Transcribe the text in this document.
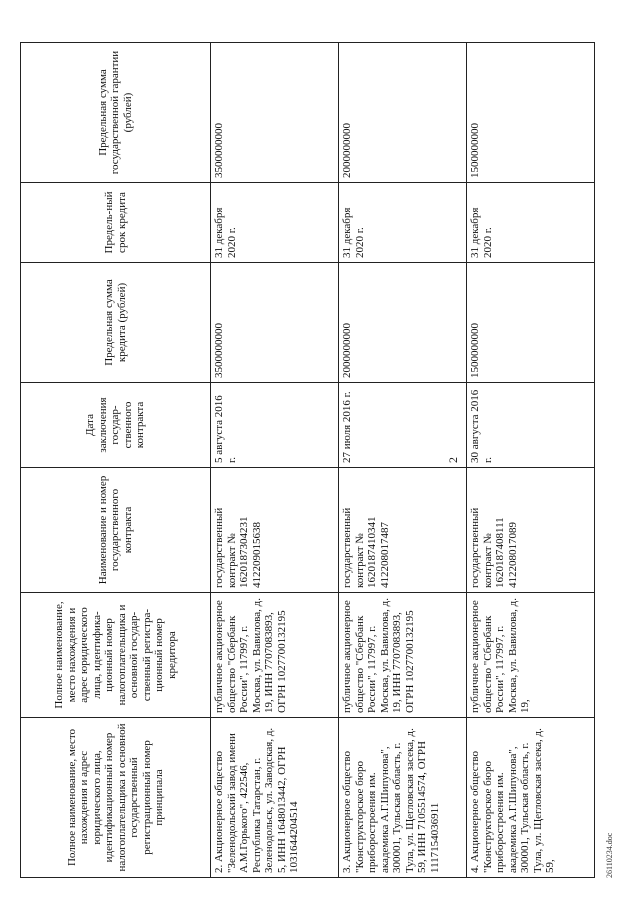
2
Полное наименование, место нахождения и адрес юридического лица, идентификационный номер налогоплательщика и основной государственный регистрационный номер принципала	Полное наименование, место нахождения и адрес юридического лица, идентифика-ционный номер налогоплательщика и основной государ-ственный регистра-ционный номер кредитора	Наименование и номер государственного контракта	Дата заключения государ-ственного контракта	Предельная сумма кредита (рублей)	Предель-ный срок кредита	Предельная сумма государственной гарантии (рублей)
2. Акционерное общество "Зеленодольский завод имени А.М.Горького", 422546, Республика Татарстан, г. Зеленодольск, ул. Заводская, д. 5, ИНН 1648013442, ОГРН 1031644204514	публичное акционерное общество "Сбербанк России", 117997, г. Москва, ул. Вавилова, д. 19, ИНН 7707083893, ОГРН 1027700132195	государственный контракт № 1620187304231 412209015638	5 августа 2016 г.	3500000000	31 декабря 2020 г.	3500000000
3. Акционерное общество "Конструкторское бюро приборостроения им. академика А.Г.Шипунова", 300001, Тульская область, г. Тула, ул. Щегловская засека, д. 59, ИНН 7105514574, ОГРН 1117154036911	публичное акционерное общество "Сбербанк России", 117997, г. Москва, ул. Вавилова, д. 19, ИНН 7707083893, ОГРН 1027700132195	государственный контракт № 1620187410341 412208017487	27 июля 2016 г.	2000000000	31 декабря 2020 г.	2000000000
4. Акционерное общество "Конструкторское бюро приборостроения им. академика А.Г.Шипунова", 300001, Тульская область, г. Тула, ул. Щегловская засека, д. 59,	публичное акционерное общество "Сбербанк России", 117997, г. Москва, ул. Вавилова, д. 19,	государственный контракт № 1620187408111 412208017089	30 августа 2016 г.	1500000000	31 декабря 2020 г.	1500000000
26110234.doc
